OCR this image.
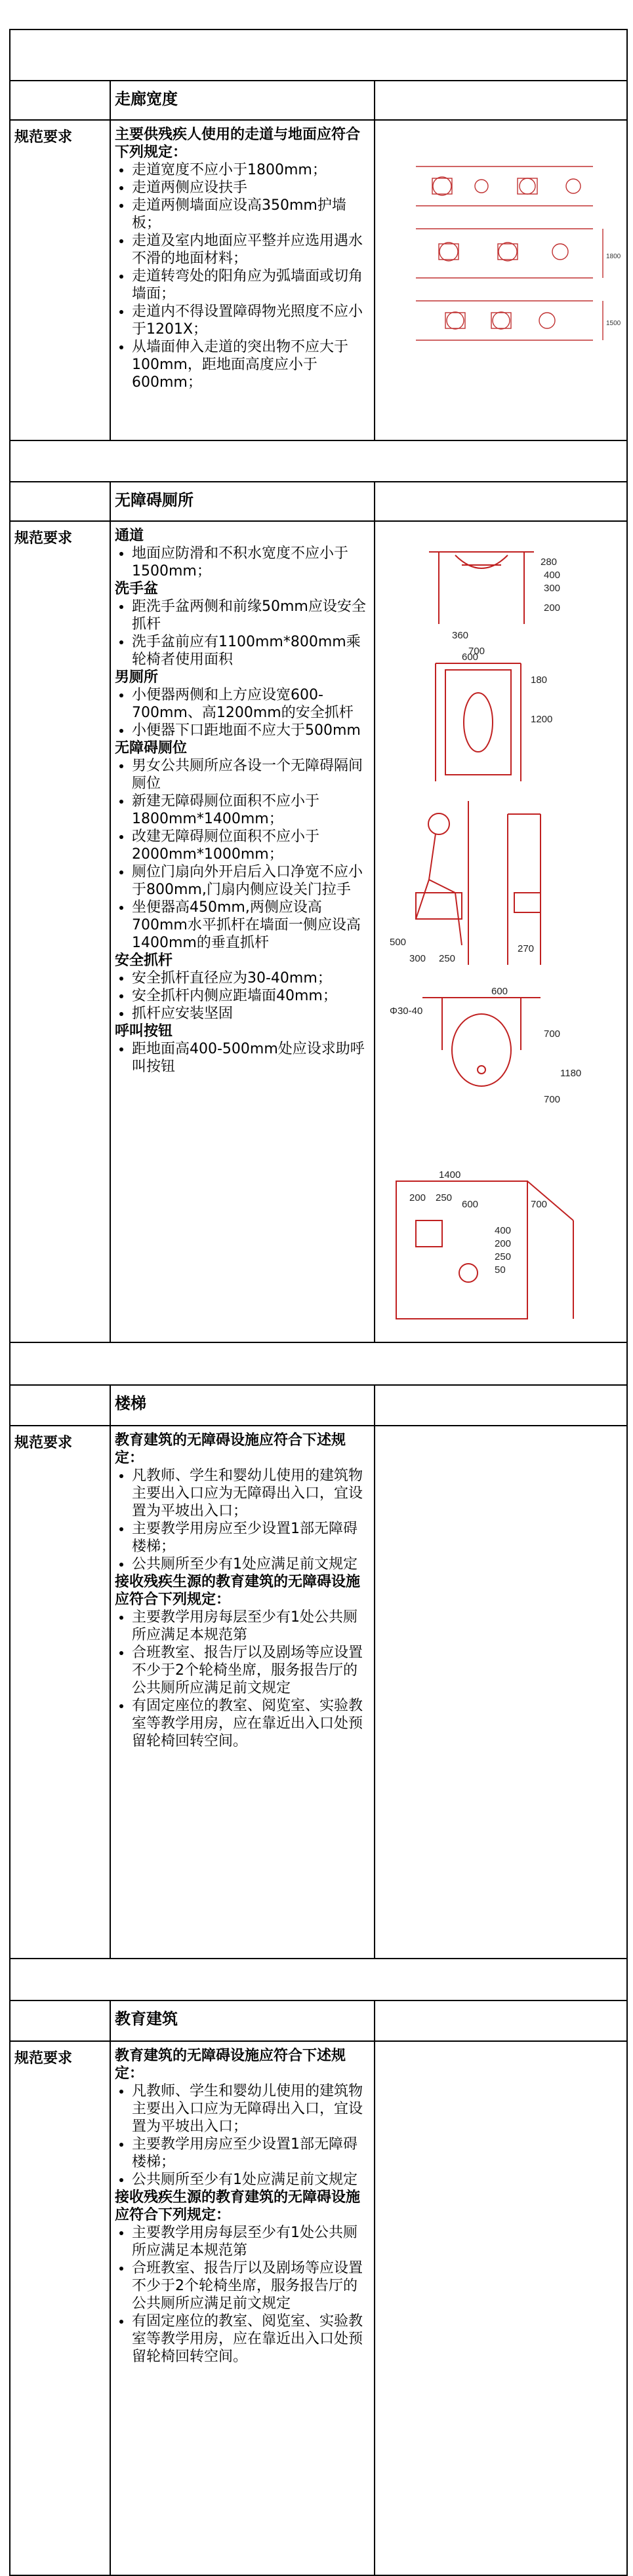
走廊宽度
规范要求	主要供残疾人使用的走道与地面应符合下列规定：
• 走道宽度不应小于1800mm；
• 走道两侧应设扶手
• 走道两侧墙面应设高350mm护墙板；
• 走道及室内地面应平整并应选用遇水不滑的地面材料；
• 走道转弯处的阳角应为弧墙面或切角墙面；
• 走道内不得设置障碍物光照度不应小于1201X；
• 从墙面伸入走道的突出物不应大于100mm，距地面高度应小于600mm；
1800
1500
无障碍厕所
规范要求	通道
• 地面应防滑和不积水宽度不应小于1500mm；
洗手盆
• 距洗手盆两侧和前缘50mm应设安全抓杆
• 洗手盆前应有1100mm*800mm乘轮椅者使用面积
男厕所
• 小便器两侧和上方应设宽600-700mm、高1200mm的安全抓杆
• 小便器下口距地面不应大于500mm
无障碍厕位
• 男女公共厕所应各设一个无障碍隔间厕位
• 新建无障碍厕位面积不应小于1800mm*1400mm；
• 改建无障碍厕位面积不应小于2000mm*1000mm；
• 厕位门扇向外开启后入口净宽不应小于800mm,门扇内侧应设关门拉手
• 坐便器高450mm,两侧应设高700mm水平抓杆在墙面一侧应设高1400mm的垂直抓杆
安全抓杆
• 安全抓杆直径应为30-40mm；
• 安全抓杆内侧应距墙面40mm；
• 抓杆应安装坚固
呼叫按钮
• 距地面高400-500mm处应设求助呼叫按钮
280
360
700
300
200
400
600
1200
180
500
300 250
270
600
700
1180
700
Φ30-40
1400
200 250
700
600
400
200
250
50
楼梯
规范要求	教育建筑的无障碍设施应符合下述规定：
• 凡教师、学生和婴幼儿使用的建筑物主要出入口应为无障碍出入口，宜设置为平坡出入口；
• 主要教学用房应至少设置1部无障碍楼梯；
• 公共厕所至少有1处应满足前文规定
接收残疾生源的教育建筑的无障碍设施应符合下列规定：
• 主要教学用房每层至少有1处公共厕所应满足本规范第
• 合班教室、报告厅以及剧场等应设置不少于2个轮椅坐席，服务报告厅的公共厕所应满足前文规定
• 有固定座位的教室、阅览室、实验教室等教学用房，应在靠近出入口处预留轮椅回转空间。
教育建筑
规范要求	教育建筑的无障碍设施应符合下述规定：
• 凡教师、学生和婴幼儿使用的建筑物主要出入口应为无障碍出入口，宜设置为平坡出入口；
• 主要教学用房应至少设置1部无障碍楼梯；
• 公共厕所至少有1处应满足前文规定
接收残疾生源的教育建筑的无障碍设施应符合下列规定：
• 主要教学用房每层至少有1处公共厕所应满足本规范第
• 合班教室、报告厅以及剧场等应设置不少于2个轮椅坐席，服务报告厅的公共厕所应满足前文规定
• 有固定座位的教室、阅览室、实验教室等教学用房，应在靠近出入口处预留轮椅回转空间。
